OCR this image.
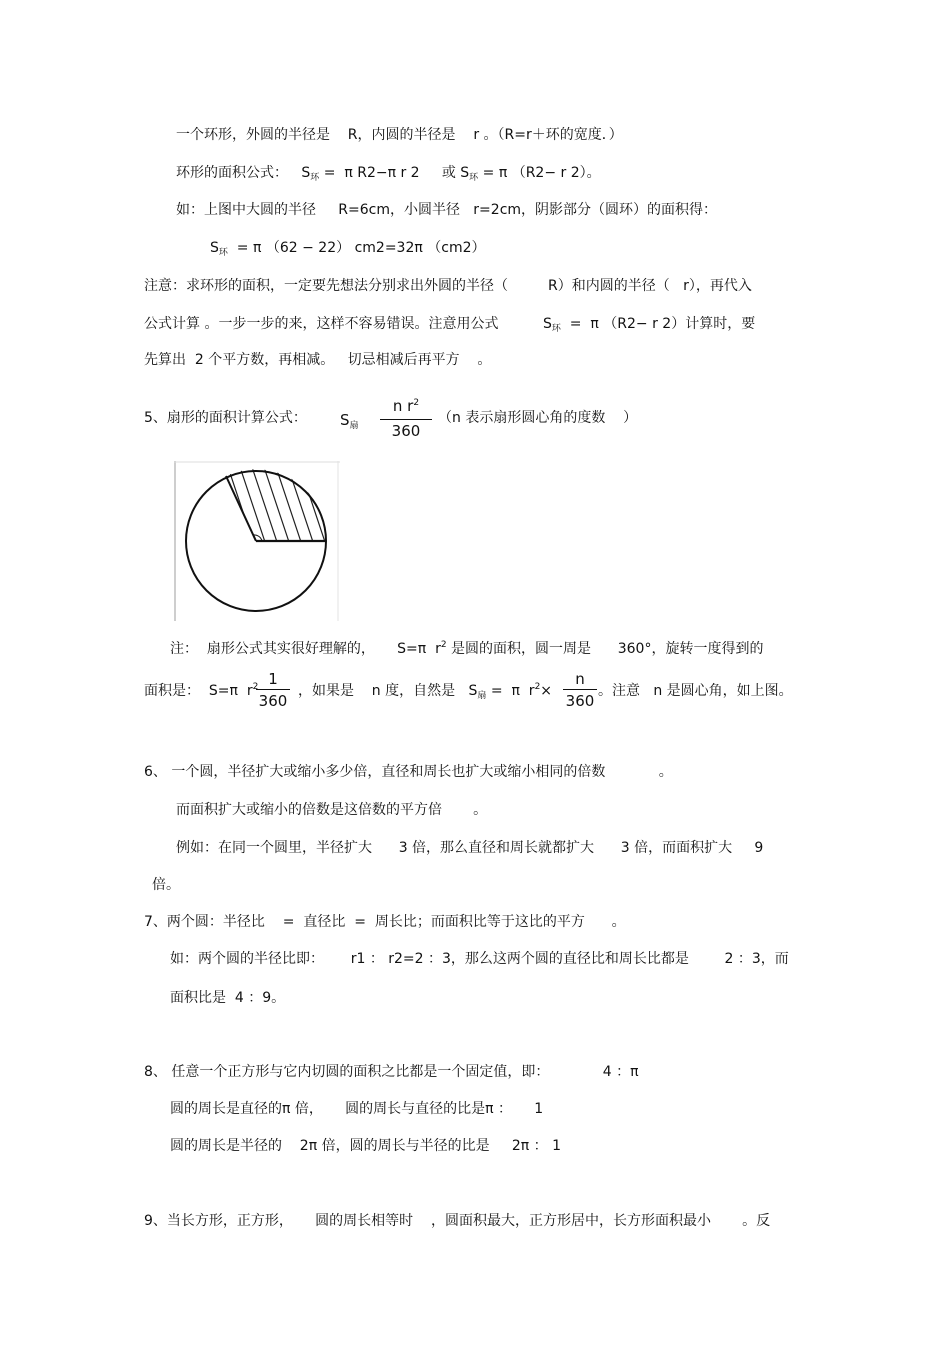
一个环形，外圆的半径是    R，内圆的半径是    r 。（R=r＋环的宽度．）
环形的面积公式：   $S_环 = \pi$ R2−π r 2     或 $S_环 = \pi$ （R2− r 2）。
如：上图中大圆的半径     R=6cm，小圆半径   r=2cm，阴影部分（圆环）的面积得：
$S_环 = \pi$ （62 − 22） cm2=32π （cm2）
注意：求环形的面积，一定要先想法分别求出外圆的半径（         R）和内圆的半径（   r），再代入
公式计算 。一步一步的来，这样不容易错误。注意用公式          $S_环 = \pi$ （R2− r 2）计算时，要
先算出  2 个平方数，再相减。   切忌相减后再平方    。
5、扇形的面积计算公式： $S_扇$
n $r^2$
360
（n 表示扇形圆心角的度数    ）
注：  扇形公式其实很好理解的，     S=π  $r^2$ 是圆的面积，圆一周是      360°，旋转一度得到的
面积是：  S=π  $r^2$ 1
360
，如果是    n 度，自然是   $S_扇 = \pi$  $r^2\times$
n
360
。注意   n 是圆心角，如上图。
6、 一个圆，半径扩大或缩小多少倍，直径和周长也扩大或缩小相同的倍数            。
而面积扩大或缩小的倍数是这倍数的平方倍       。
例如：在同一个圆里，半径扩大      3 倍，那么直径和周长就都扩大      3 倍，而面积扩大     9
倍。
7、两个圆：半径比    =  直径比  =  周长比；而面积比等于这比的平方      。
如：两个圆的半径比即：      r1 ： r2=2 ：3，那么这两个圆的直径比和周长比都是        2 ：3，而
面积比是  4 ：9。
8、 任意一个正方形与它内切圆的面积之比都是一个固定值，即：            4 ：π
圆的周长是直径的π 倍，     圆的周长与直径的比是π ：     1
圆的周长是半径的    2π 倍，圆的周长与半径的比是     2π ： 1
9、当长方形，正方形，     圆的周长相等时    ，圆面积最大，正方形居中，长方形面积最小       。反
